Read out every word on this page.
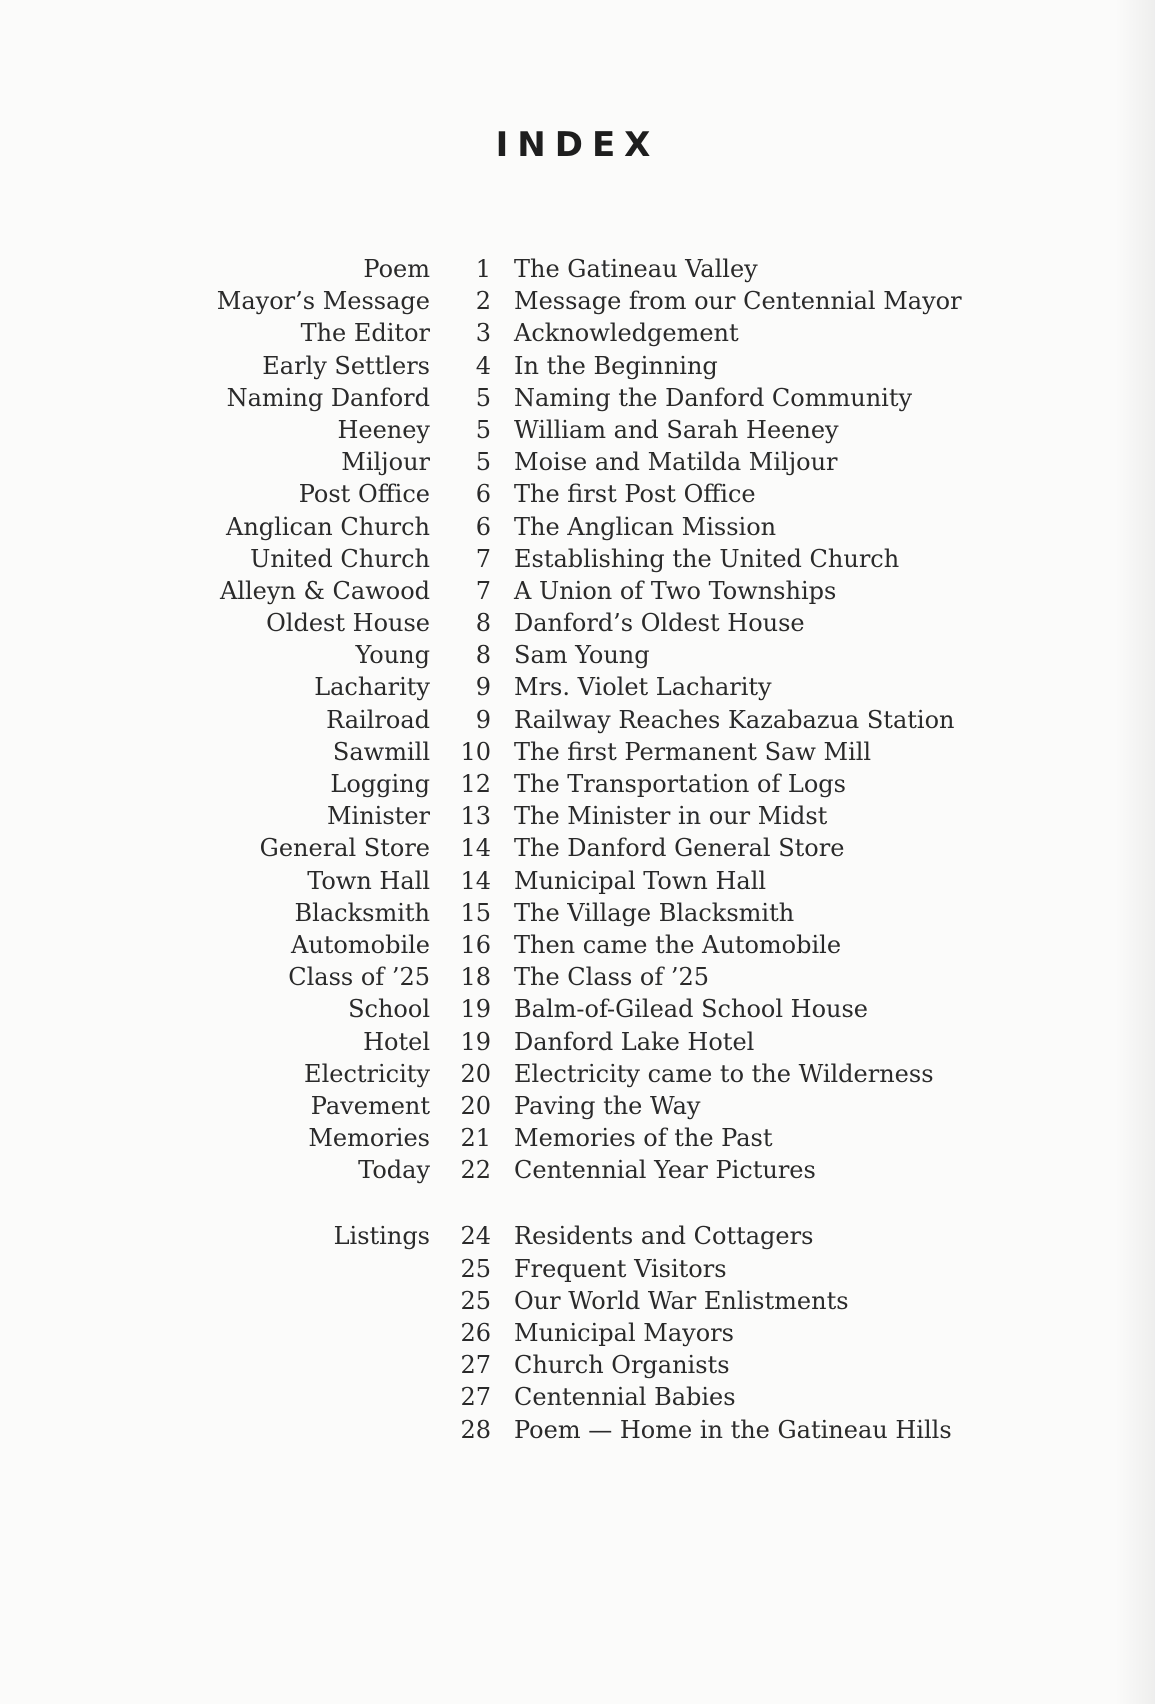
INDEX
Poem	1 The Gatineau Valley
Mayor’s Message	2 Message from our Centennial Mayor
The Editor	3 Acknowledgement
Early Settlers	4 In the Beginning
Naming Danford	5 Naming the Danford Community
Heeney	5 William and Sarah Heeney
Miljour	5 Moise and Matilda Miljour
Post Office	6 The first Post Office
Anglican Church	6 The Anglican Mission
United Church	7 Establishing the United Church
Alleyn & Cawood	7 A Union of Two Townships
Oldest House	8 Danford’s Oldest House
Young	8 Sam Young
Lacharity	9 Mrs. Violet Lacharity
Railroad	9 Railway Reaches Kazabazua Station
Sawmill	10 The first Permanent Saw Mill
Logging	12 The Transportation of Logs
Minister	13 The Minister in our Midst
General Store	14 The Danford General Store
Town Hall	14 Municipal Town Hall
Blacksmith	15 The Village Blacksmith
Automobile	16 Then came the Automobile
Class of ’25	18 The Class of ’25
School	19 Balm-of-Gilead School House
Hotel	19 Danford Lake Hotel
Electricity	20 Electricity came to the Wilderness
Pavement	20 Paving the Way
Memories	21 Memories of the Past
Today	22 Centennial Year Pictures
Listings	24 Residents and Cottagers
25 Frequent Visitors
25 Our World War Enlistments
26 Municipal Mayors
27 Church Organists
27 Centennial Babies
28 Poem — Home in the Gatineau Hills
